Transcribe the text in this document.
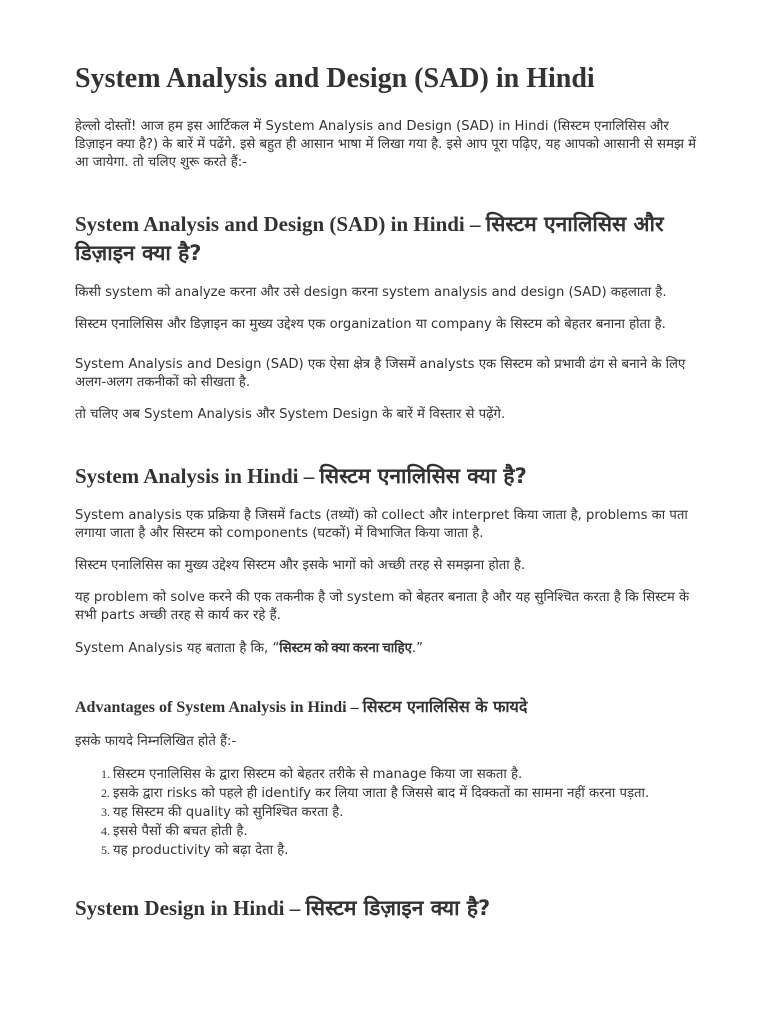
System Analysis and Design (SAD) in Hindi

हेल्लो दोस्तों! आज हम इस आर्टिकल में System Analysis and Design (SAD) in Hindi (सिस्टम एनालिसिस और डिज़ाइन क्या है?) के बारें में पढेंगे. इसे बहुत ही आसान भाषा में लिखा गया है. इसे आप पूरा पढ़िए, यह आपको आसानी से समझ में आ जायेगा. तो चलिए शुरू करते हैं:-

System Analysis and Design (SAD) in Hindi – सिस्टम एनालिसिस और डिज़ाइन क्या है?

किसी system को analyze करना और उसे design करना system analysis and design (SAD) कहलाता है.

सिस्टम एनालिसिस और डिज़ाइन का मुख्य उद्देश्य एक organization या company के सिस्टम को बेहतर बनाना होता है.

System Analysis and Design (SAD) एक ऐसा क्षेत्र है जिसमें analysts एक सिस्टम को प्रभावी ढंग से बनाने के लिए अलग-अलग तकनीकों को सीखता है.

तो चलिए अब System Analysis और System Design के बारें में विस्तार से पढ़ेंगे.

System Analysis in Hindi – सिस्टम एनालिसिस क्या है?

System analysis एक प्रक्रिया है जिसमें facts (तथ्यों) को collect और interpret किया जाता है, problems का पता लगाया जाता है और सिस्टम को components (घटकों) में विभाजित किया जाता है.

सिस्टम एनालिसिस का मुख्य उद्देश्य सिस्टम और इसके भागों को अच्छी तरह से समझना होता है.

यह problem को solve करने की एक तकनीक है जो system को बेहतर बनाता है और यह सुनिश्चित करता है कि सिस्टम के सभी parts अच्छी तरह से कार्य कर रहे हैं.

System Analysis यह बताता है कि, “सिस्टम को क्या करना चाहिए.”

Advantages of System Analysis in Hindi – सिस्टम एनालिसिस के फायदे

इसके फायदे निम्नलिखित होते हैं:-

1. सिस्टम एनालिसिस के द्वारा सिस्टम को बेहतर तरीके से manage किया जा सकता है.
2. इसके द्वारा risks को पहले ही identify कर लिया जाता है जिससे बाद में दिक्कतों का सामना नहीं करना पड़ता.
3. यह सिस्टम की quality को सुनिश्चित करता है.
4. इससे पैसों की बचत होती है.
5. यह productivity को बढ़ा देता है.
System Design in Hindi – सिस्टम डिज़ाइन क्या है?
